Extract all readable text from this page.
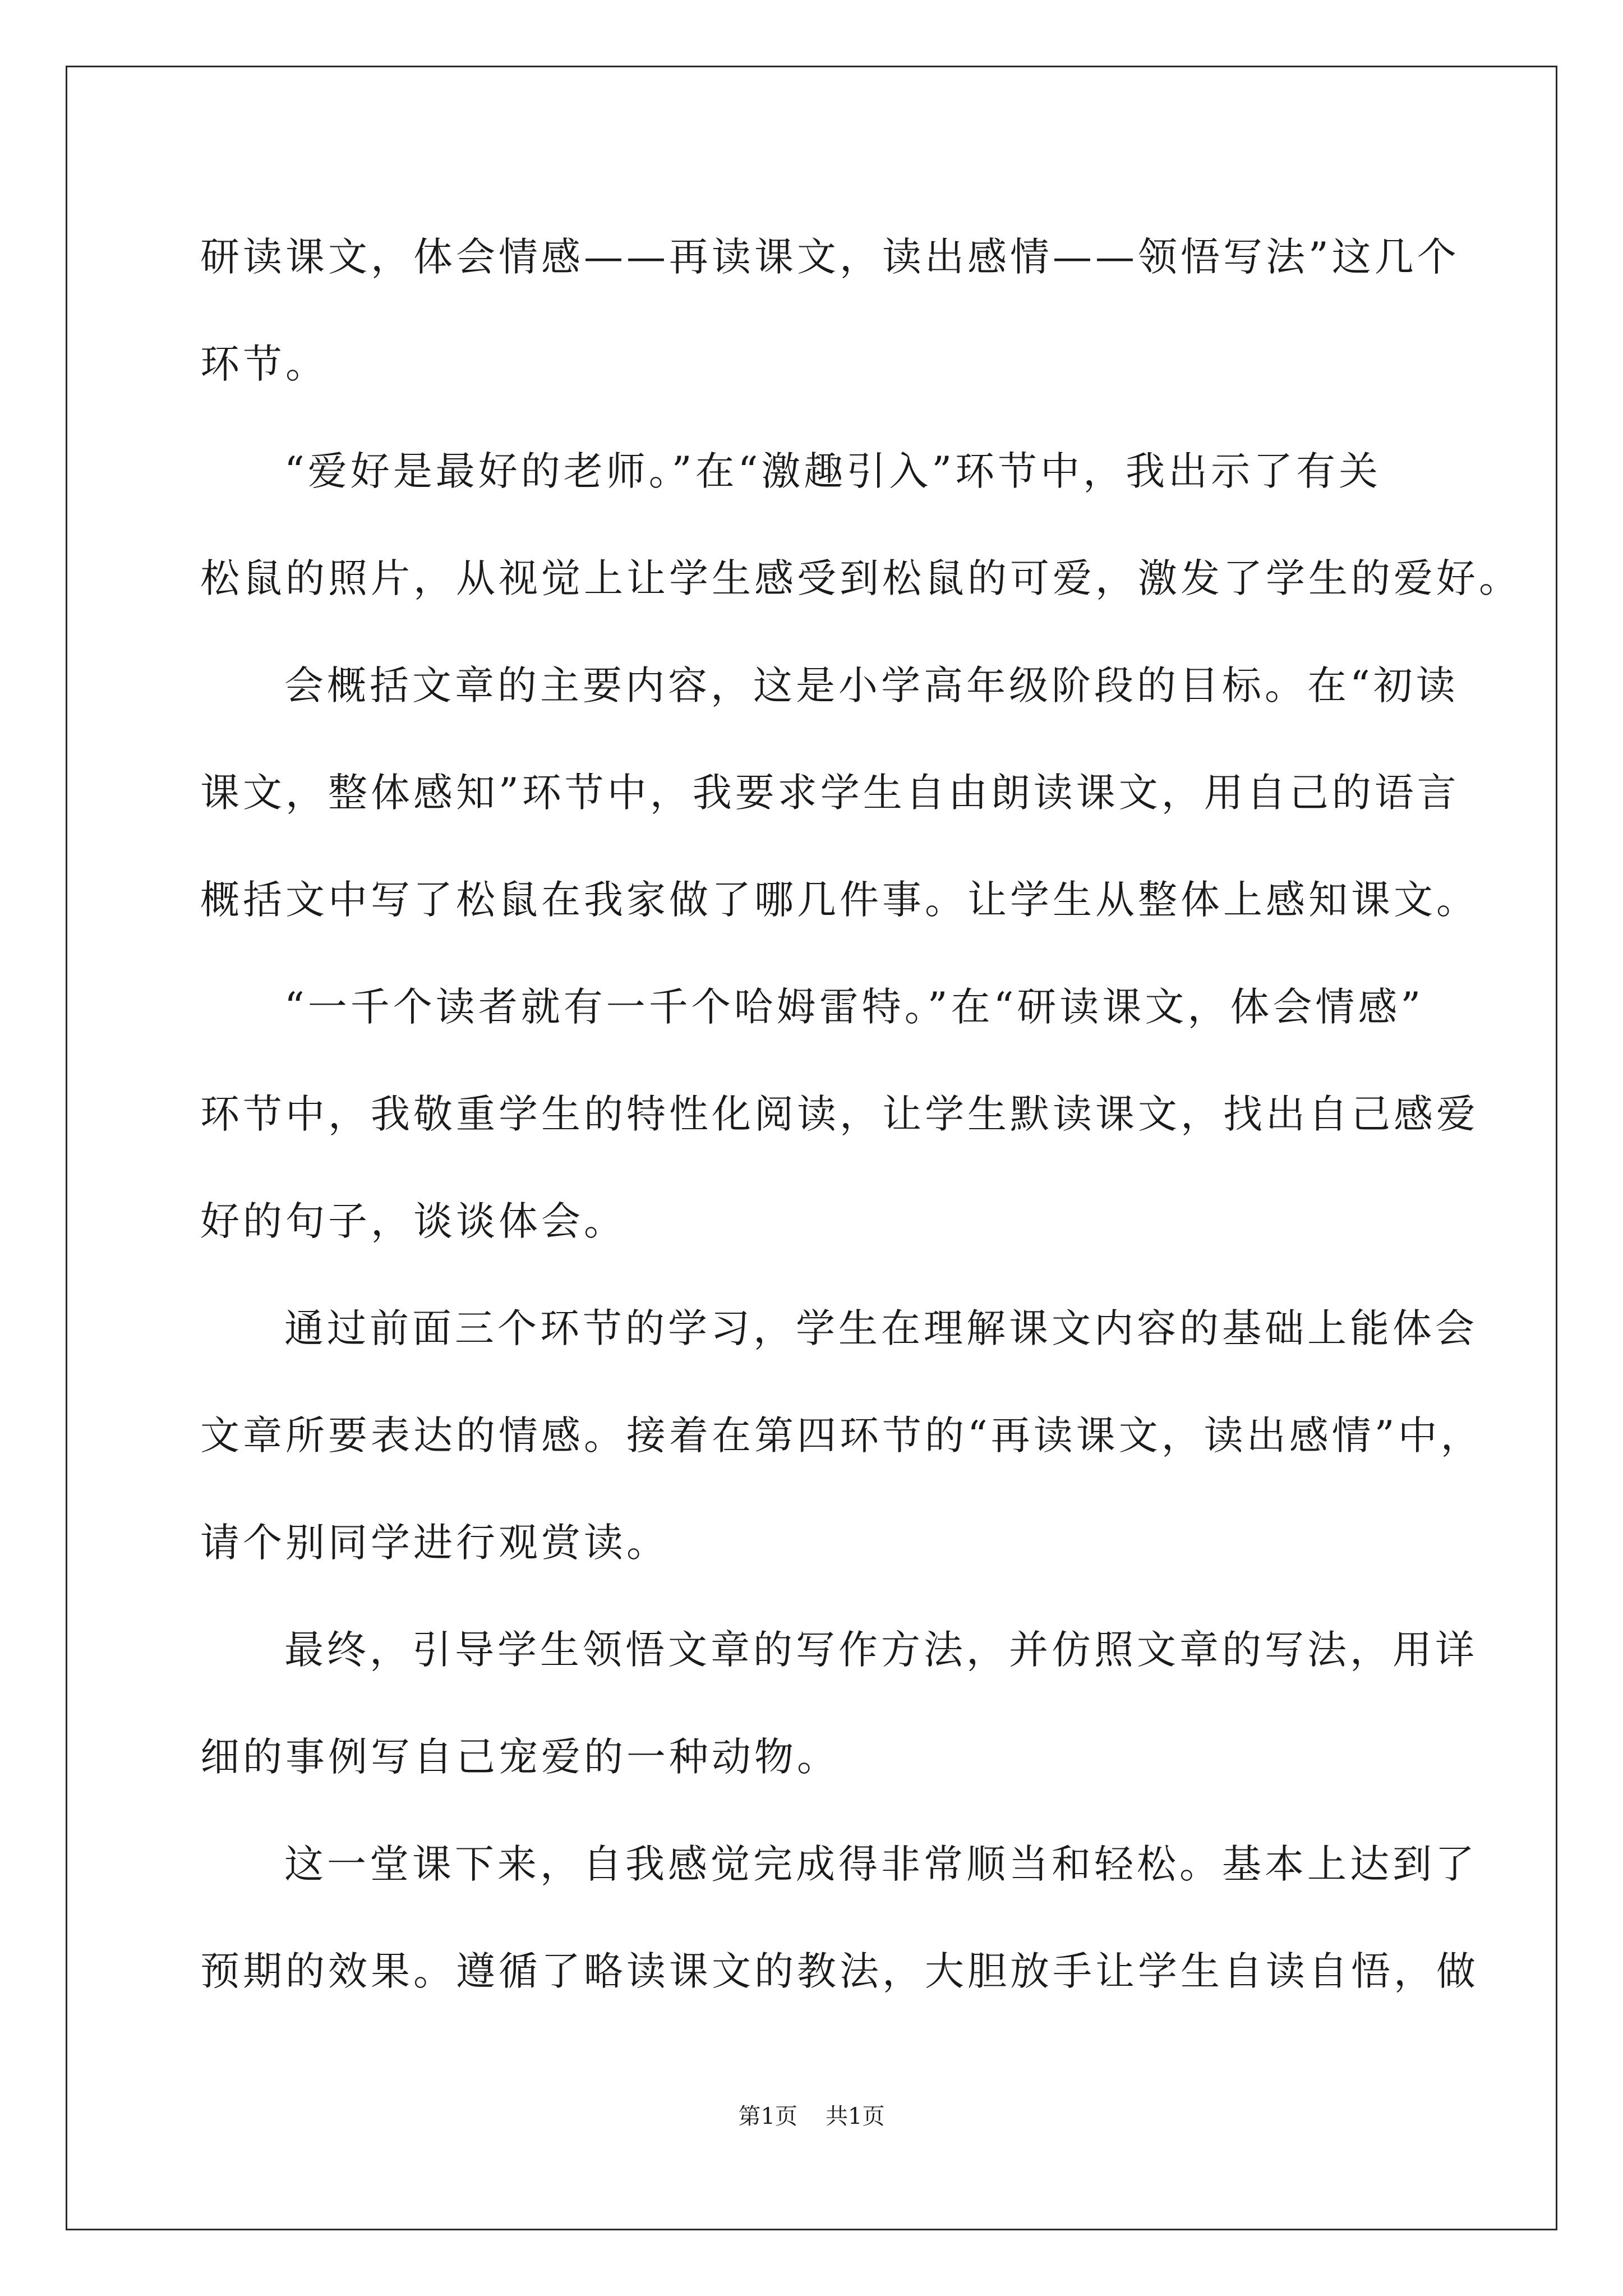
研读课文，体会情感——再读课文，读出感情——领悟写法”这几个
环节。
“爱好是最好的老师。”在“激趣引入”环节中，我出示了有关
松鼠的照片，从视觉上让学生感受到松鼠的可爱，激发了学生的爱好。
会概括文章的主要内容，这是小学高年级阶段的目标。在“初读
课文，整体感知”环节中，我要求学生自由朗读课文，用自己的语言
概括文中写了松鼠在我家做了哪几件事。让学生从整体上感知课文。
“一千个读者就有一千个哈姆雷特。”在“研读课文，体会情感”
环节中，我敬重学生的特性化阅读，让学生默读课文，找出自己感爱
好的句子，谈谈体会。
通过前面三个环节的学习，学生在理解课文内容的基础上能体会
文章所要表达的情感。接着在第四环节的“再读课文，读出感情”中，
请个别同学进行观赏读。
最终，引导学生领悟文章的写作方法，并仿照文章的写法，用详
细的事例写自己宠爱的一种动物。
这一堂课下来，自我感觉完成得非常顺当和轻松。基本上达到了
预期的效果。遵循了略读课文的教法，大胆放手让学生自读自悟，做
第1页 共1页
